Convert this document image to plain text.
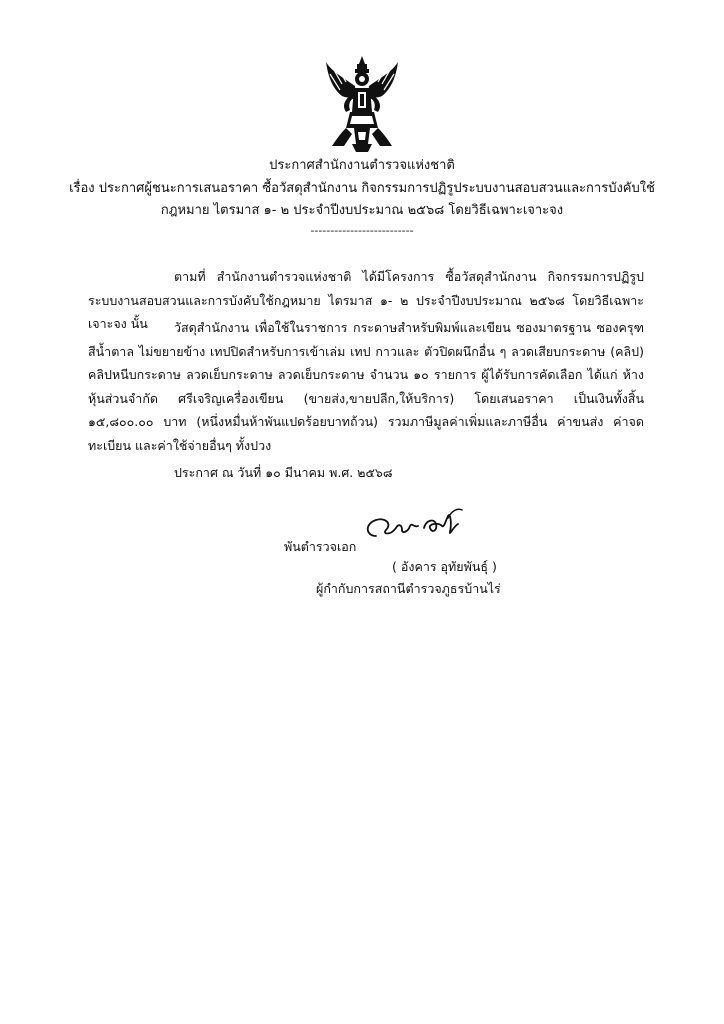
ประกาศสำนักงานตำรวจแห่งชาติ
เรื่อง ประกาศผู้ชนะการเสนอราคา ซื้อวัสดุสำนักงาน กิจกรรมการปฏิรูประบบงานสอบสวนและการบังคับใช้
กฎหมาย ไตรมาส ๑- ๒ ประจำปีงบประมาณ ๒๕๖๘ โดยวิธีเฉพาะเจาะจง
--------------------------

ตามที่ สำนักงานตำรวจแห่งชาติ ได้มีโครงการ ซื้อวัสดุสำนักงาน กิจกรรมการปฏิรูประบบงานสอบสวนและการบังคับใช้กฎหมาย ไตรมาส ๑- ๒ ประจำปีงบประมาณ ๒๕๖๘ โดยวิธีเฉพาะเจาะจง นั้น	วัสดุสำนักงาน เพื่อใช้ในราชการ กระดาษสำหรับพิมพ์และเขียน ซองมาตรฐาน ซองครุฑสีน้ำตาล ไม่ขยายข้าง เทปปิดสำหรับการเข้าเล่ม เทป กาวและ ตัวปิดผนึกอื่น ๆ ลวดเสียบกระดาษ (คลิป) คลิปหนีบกระดาษ ลวดเย็บกระดาษ ลวดเย็บกระดาษ จำนวน ๑๐ รายการ ผู้ได้รับการคัดเลือก ได้แก่ ห้างหุ้นส่วนจำกัด ศรีเจริญเครื่องเขียน (ขายส่ง,ขายปลีก,ให้บริการ) โดยเสนอราคา เป็นเงินทั้งสิ้น ๑๕,๘๐๐.๐๐ บาท (หนึ่งหมื่นห้าพันแปดร้อยบาทถ้วน) รวมภาษีมูลค่าเพิ่มและภาษีอื่น ค่าขนส่ง ค่าจดทะเบียน และค่าใช้จ่ายอื่นๆ ทั้งปวง

ประกาศ ณ วันที่ ๑๐ มีนาคม พ.ศ. ๒๕๖๘
พันตำรวจเอก
( อังคาร อุทัยพันธุ์ )
ผู้กำกับการสถานีตำรวจภูธรบ้านไร่
